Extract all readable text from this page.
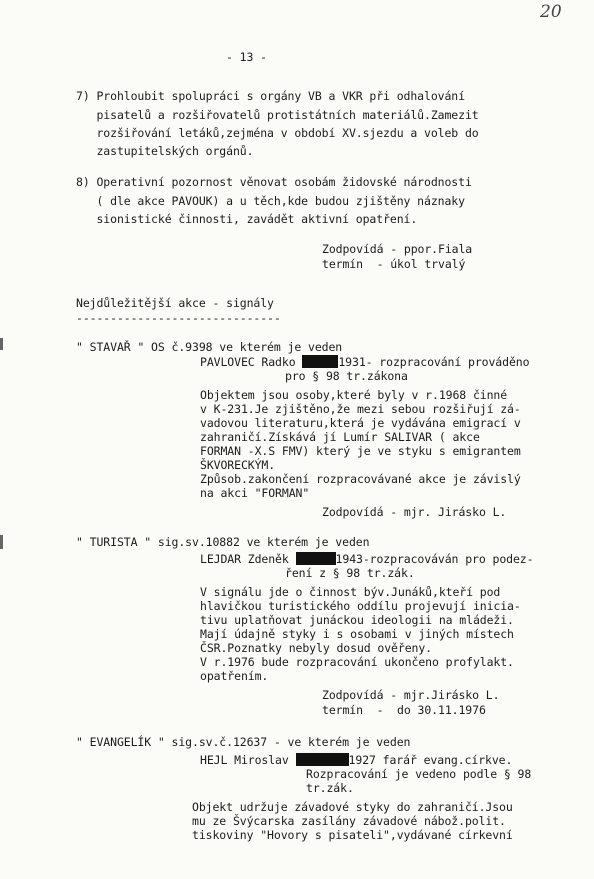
20
- 13 -
7) Prohloubit spolupráci s orgány VB a VKR při odhalování
pisatelů a rozšiřovatelů protistátních materiálů.Zamezit
rozšiřování letáků,zejména v období XV.sjezdu a voleb do
zastupitelských orgánů.
8) Operativní pozornost věnovat osobám židovské národnosti
( dle akce PAVOUK) a u těch,kde budou zjištěny náznaky
sionistické činnosti, zavádět aktivní opatření.
Zodpovídá - ppor.Fiala
termín  - úkol trvalý
Nejdůležitější akce - signály
------------------------------
" STAVAŘ " OS č.9398 ve kterém je veden
PAVLOVEC Radko	1931- rozpracování prováděno
pro § 98 tr.zákona
Objektem jsou osoby,které byly v r.1968 činné
v K-231.Je zjištěno,že mezi sebou rozšiřují zá-
vadovou literaturu,která je vydávána emigrací v
zahraničí.Získává jí Lumír SALIVAR ( akce
FORMAN -X.S FMV) který je ve styku s emigrantem
ŠKVORECKÝM.
Způsob.zakončení rozpracovávané akce je závislý
na akci "FORMAN"
Zodpovídá - mjr. Jirásko L.
" TURISTA " sig.sv.10882 ve kterém je veden
LEJDAR Zdeněk	1943-rozpracováván pro podez-
ření z § 98 tr.zák.
V signálu jde o činnost býv.Junáků,kteří pod
hlavičkou turistického oddílu projevují inicia-
tivu uplatňovat junáckou ideologii na mládeži.
Mají údajně styky i s osobami v jiných místech
ČSR.Poznatky nebyly dosud ověřeny.
V r.1976 bude rozpracování ukončeno profylakt.
opatřením.
Zodpovídá - mjr.Jirásko L.
termín  -  do 30.11.1976
" EVANGELÍK " sig.sv.č.12637 - ve kterém je veden
HEJL Miroslav	1927 farář evang.církve.
Rozpracování je vedeno podle § 98
tr.zák.
Objekt udržuje závadové styky do zahraničí.Jsou
mu ze Švýcarska zasílány závadové nábož.polit.
tiskoviny "Hovory s pisateli",vydávané církevní
